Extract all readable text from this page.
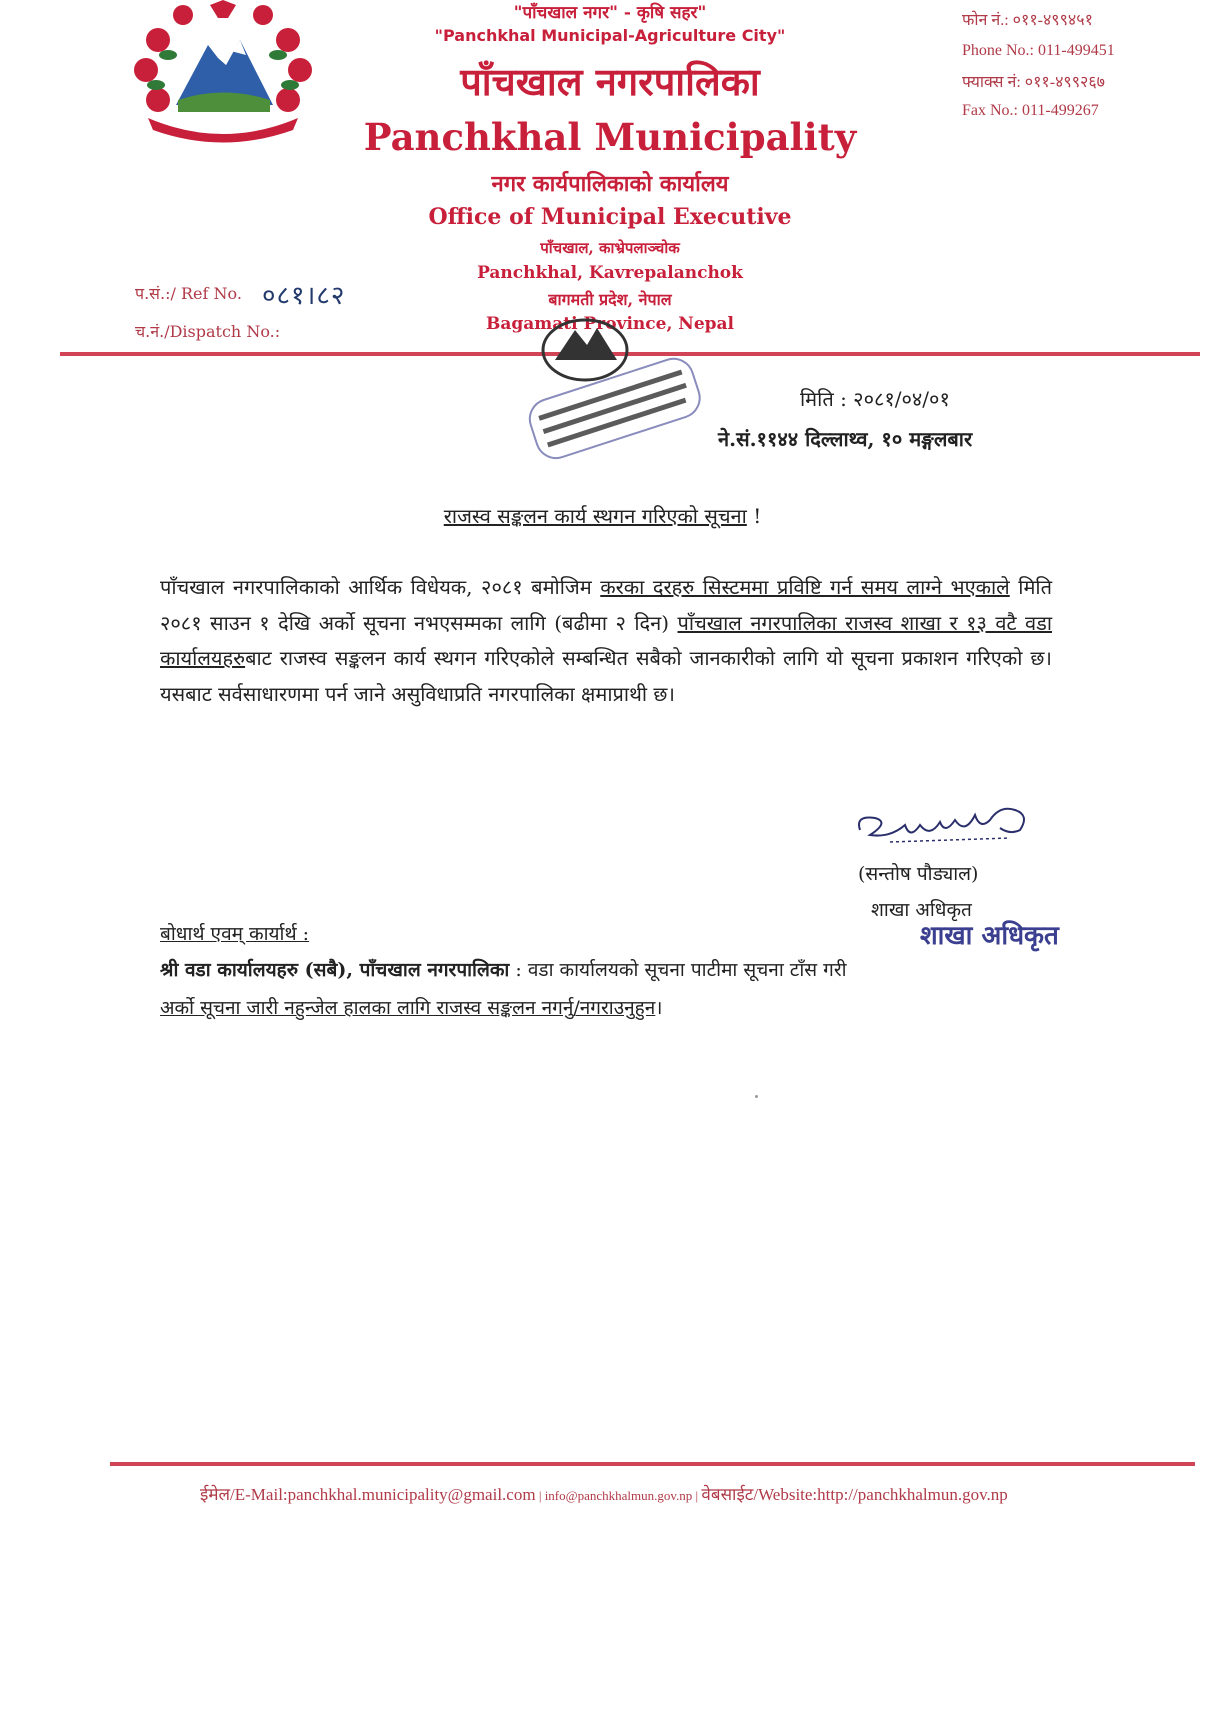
"पाँचखाल नगर" - कृषि सहर"
"Panchkhal Municipal-Agriculture City"
पाँचखाल नगरपालिका
Panchkhal Municipality
नगर कार्यपालिकाको कार्यालय
Office of Municipal Executive
पाँचखाल, काभ्रेपलाञ्चोक
Panchkhal, Kavrepalanchok
बागमती प्रदेश, नेपाल
Bagamati Province, Nepal
फोन नं.: ०११-४९९४५१
Phone No.: 011-499451
फ्याक्स नं: ०११-४९९२६७
Fax No.: 011-499267
प.सं.:/ Ref No. ०८१।८२
च.नं./Dispatch No.:
मिति : २०८१/०४/०१
ने.सं.११४४ दिल्लाथ्व, १० मङ्गलबार
राजस्व सङ्कलन कार्य स्थगन गरिएको सूचना !
पाँचखाल नगरपालिकाको आर्थिक विधेयक, २०८१ बमोजिम करका दरहरु सिस्टममा प्रविष्टि गर्न समय लाग्ने भएकाले मिति २०८१ साउन १ देखि अर्को सूचना नभएसम्मका लागि (बढीमा २ दिन) पाँचखाल नगरपालिका राजस्व शाखा र १३ वटै वडा कार्यालयहरुबाट राजस्व सङ्कलन कार्य स्थगन गरिएकोले सम्बन्धित सबैको जानकारीको लागि यो सूचना प्रकाशन गरिएको छ। यसबाट सर्वसाधारणमा पर्न जाने असुविधाप्रति नगरपालिका क्षमाप्राथी छ।
(सन्तोष पौड्याल)
शाखा अधिकृत
शाखा अधिकृत
बोधार्थ एवम् कार्यार्थ :
श्री वडा कार्यालयहरु (सबै), पाँचखाल नगरपालिका : वडा कार्यालयको सूचना पाटीमा सूचना टाँस गरी
अर्को सूचना जारी नहुन्जेल हालका लागि राजस्व सङ्कलन नगर्नु/नगराउनुहुन।
ईमेल/E-Mail:panchkhal.municipality@gmail.com | info@panchkhalmun.gov.np | वेबसाईट/Website:http://panchkhalmun.gov.np
